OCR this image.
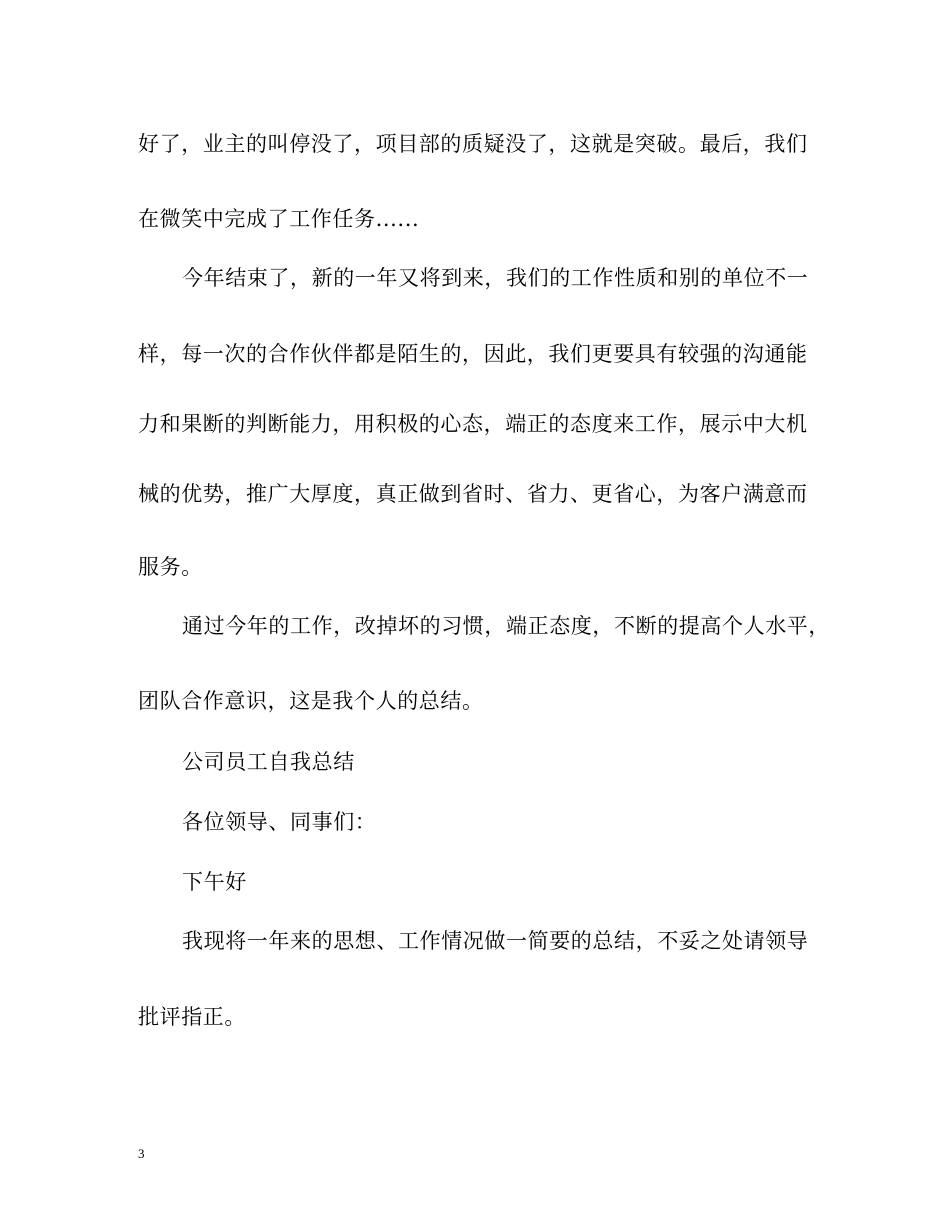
好了，业主的叫停没了，项目部的质疑没了，这就是突破。最后，我们
在微笑中完成了工作任务......
今年结束了，新的一年又将到来，我们的工作性质和别的单位不一
样，每一次的合作伙伴都是陌生的，因此，我们更要具有较强的沟通能
力和果断的判断能力，用积极的心态，端正的态度来工作，展示中大机
械的优势，推广大厚度，真正做到省时、省力、更省心，为客户满意而
服务。
通过今年的工作，改掉坏的习惯，端正态度，不断的提高个人水平，
团队合作意识，这是我个人的总结。
公司员工自我总结
各位领导、同事们：
下午好
我现将一年来的思想、工作情况做一简要的总结，不妥之处请领导
批评指正。
3
